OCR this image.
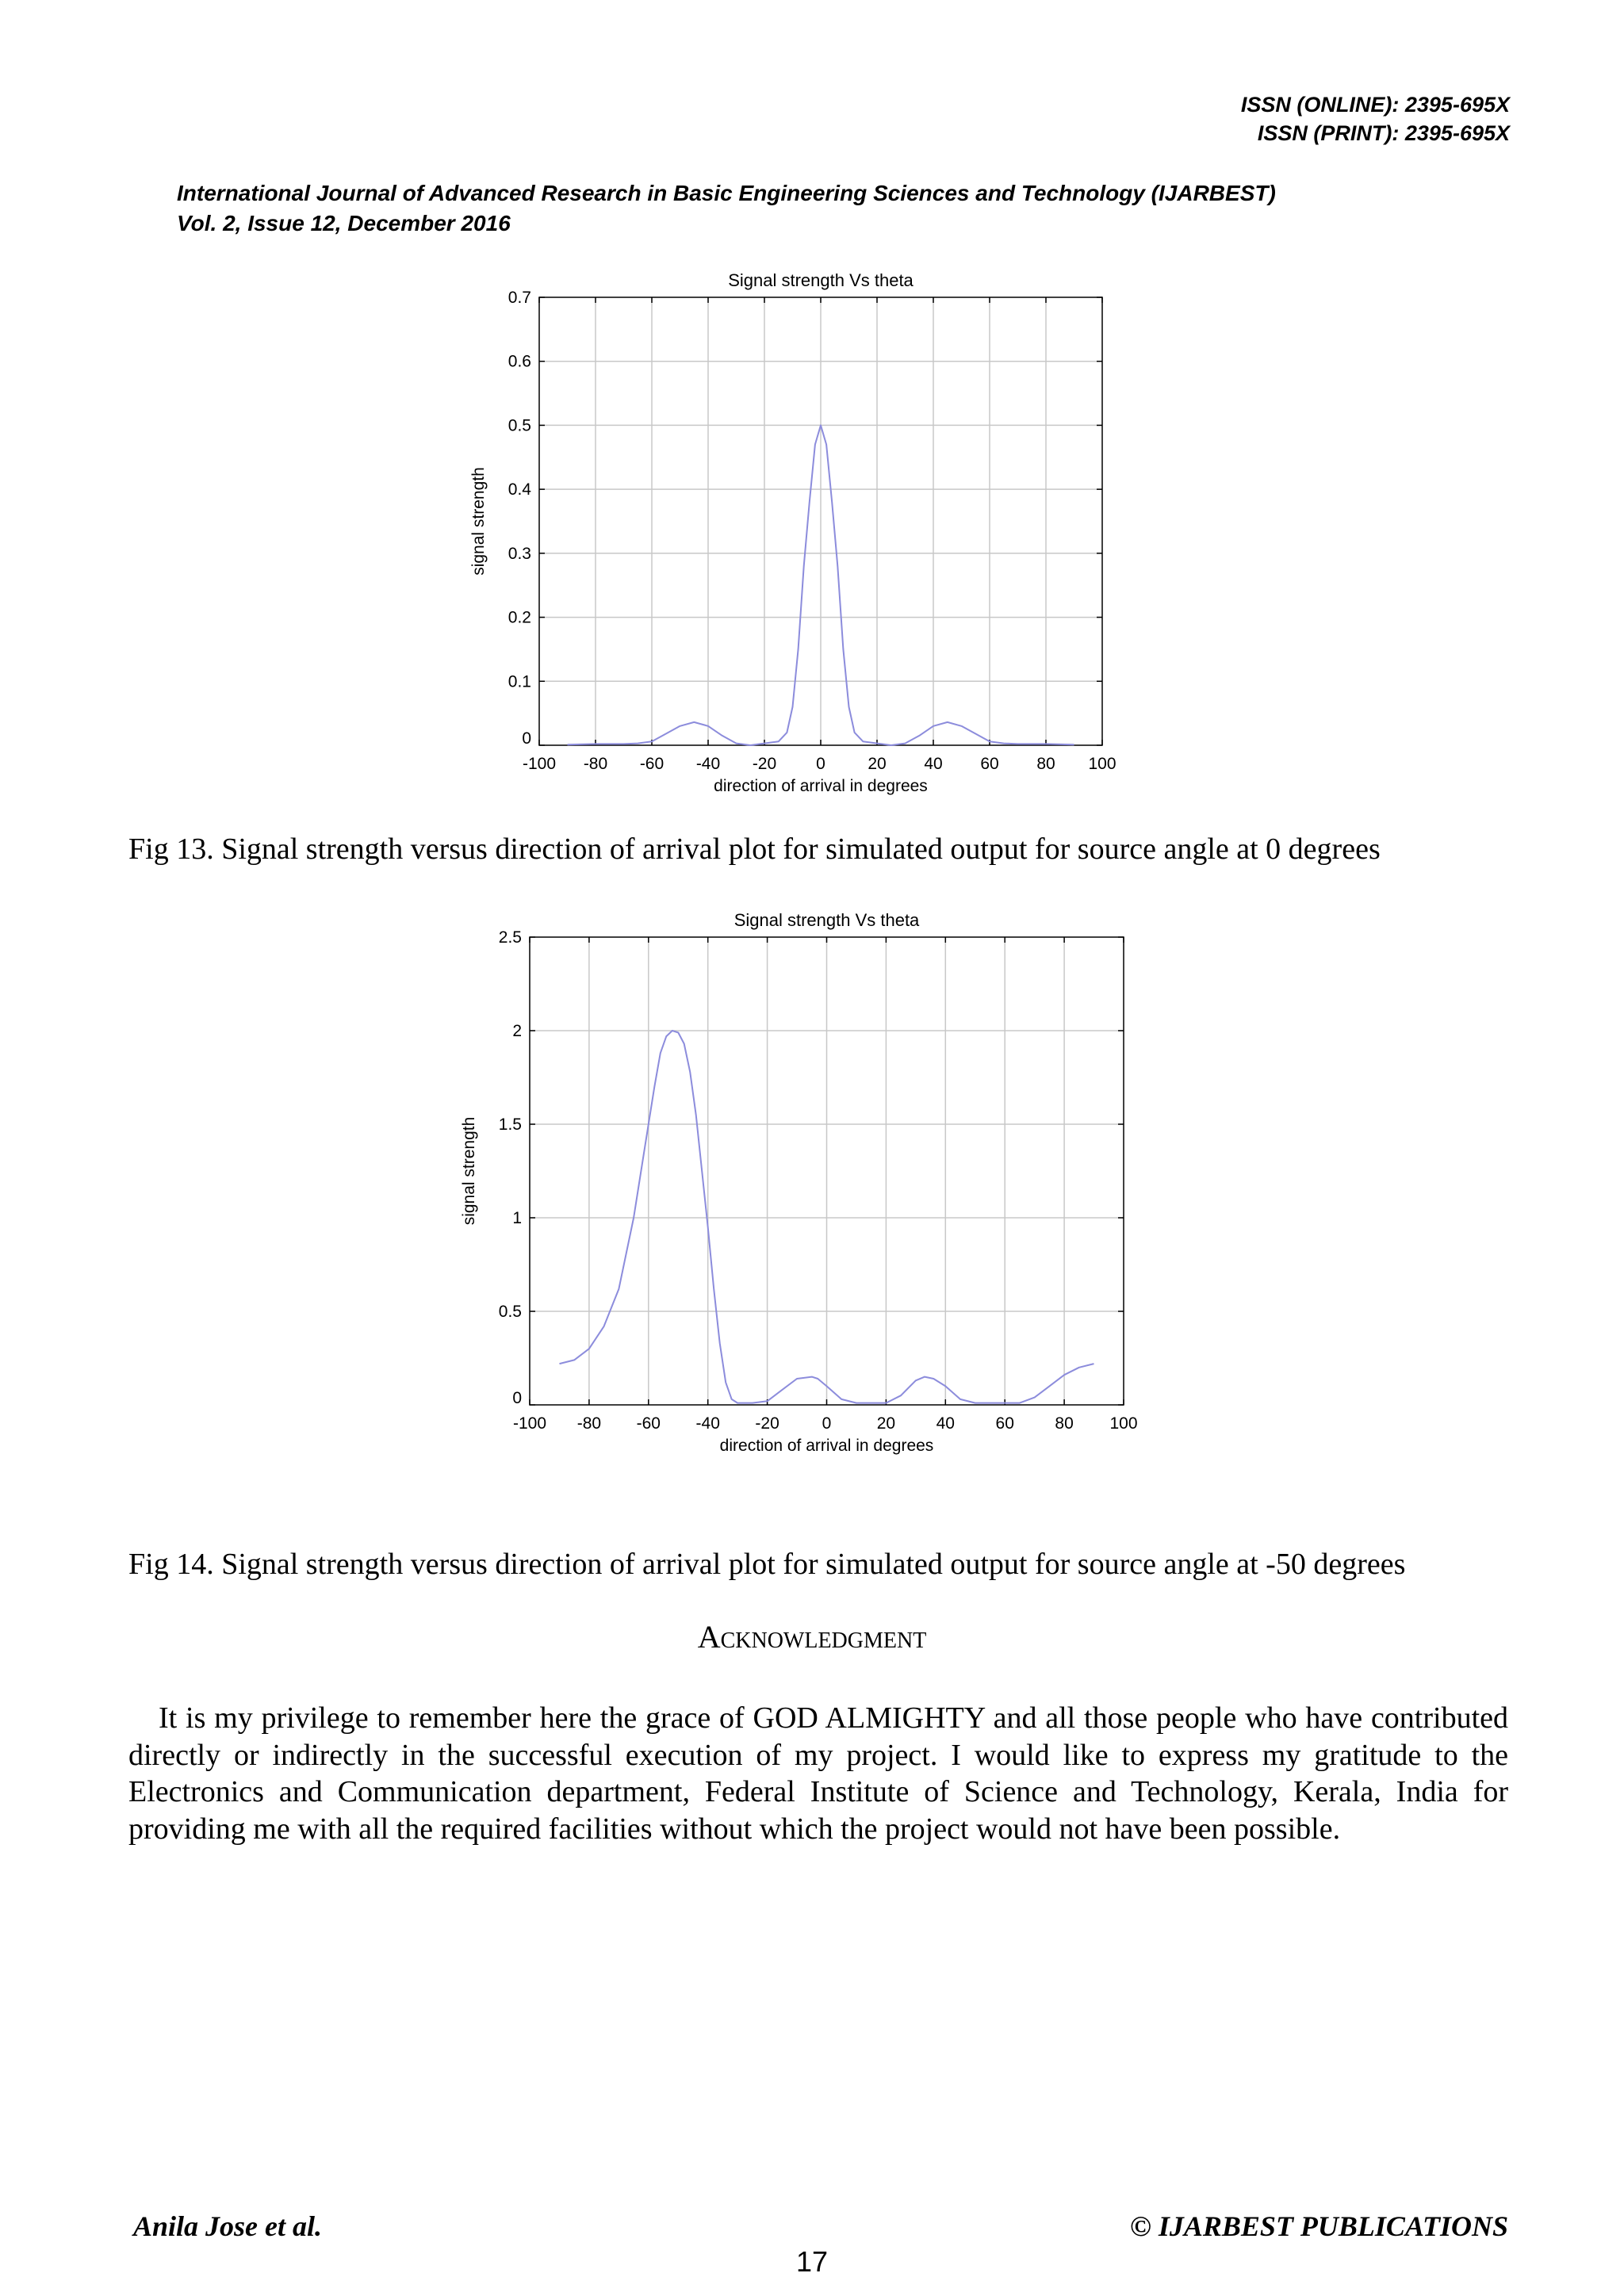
ISSN (ONLINE): 2395-695X
ISSN (PRINT): 2395-695X
International Journal of Advanced Research in Basic Engineering Sciences and Technology (IJARBEST)
Vol. 2, Issue 12, December 2016
-100 -80 -60 -40 -20 0	20 40 60 80 100
0
0.1
0.2
0.3
0.4
0.5
0.6
0.7
Signal strength Vs theta
direction of arrival in degrees
signal strength
Fig 13. Signal strength versus direction of arrival plot for simulated output for source angle at 0 degrees
-100 -80 -60 -40 -20	0	20 40 60 80 100
0
0.5
1
1.5
2
2.5
Signal strength Vs theta
direction of arrival in degrees
signal strength
Fig 14. Signal strength versus direction of arrival plot for simulated output for source angle at -50 degrees
Acknowledgment
It is my privilege to remember here the grace of GOD ALMIGHTY and all those people who have contributed directly or indirectly in the successful execution of my project. I would like to express my gratitude to the Electronics and Communication department, Federal Institute of Science and Technology, Kerala, India for providing me with all the required facilities without which the project would not have been possible.
Anila Jose et al.	© IJARBEST PUBLICATIONS
17
